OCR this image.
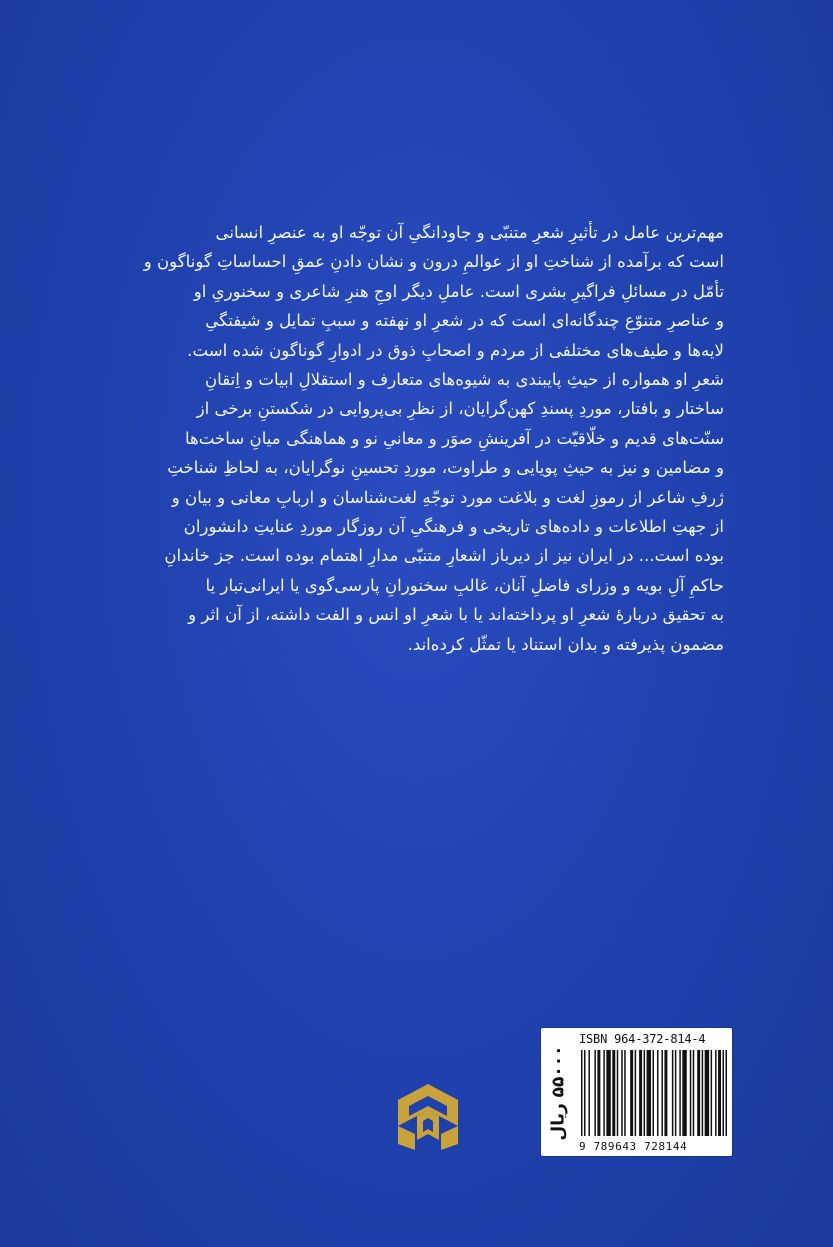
مهم‌ترین عامل در تأثیرِ شعرِ متنبّی و جاودانگیِ آن توجّه او به عنصرِ انسانی

است که برآمده از شناختِ او از عوالمِ درون و نشان دادنِ عمقِ احساساتِ گوناگون و

تأمّل در مسائلِ فراگیرِ بشری است. عاملِ دیگر اوجِ هنرِ شاعری و سخنوریِ او

و عناصرِ متنوّعِ چندگانه‌ای است که در شعرِ او نهفته و سببِ تمایل و شیفتگیِ

لایه‌ها و طیف‌های مختلفی از مردم و اصحابِ ذوق در ادوارِ گوناگون شده است.

شعرِ او همواره از حیثِ پایبندی به شیوه‌های متعارف و استقلالِ ابیات و اِتقانِ

ساختار و بافتار، موردِ پسندِ کهن‌گرایان، از نظرِ بی‌پروایی در شکستنِ برخی از

سنّت‌های قدیم و خلّاقیّت در آفرینشِ صوَر و معانیِ نو و هماهنگی میانِ ساخت‌ها

و مضامین و نیز به حیثِ پویایی و طراوت، موردِ تحسینِ نوگرایان، به لحاظِ شناختِ

ژرفِ شاعر از رموزِ لغت و بلاغت مورد توجّهِ لغت‌شناسان و اربابِ معانی و بیان و

از جهتِ اطلاعات و داده‌های تاریخی و فرهنگیِ آن روزگار موردِ عنایتِ دانشوران

بوده است... در ایران نیز از دیرباز اشعارِ متنبّی مدارِ اهتمام بوده است. جز خاندانِ

حاکمِ آلِ بویه و وزرای فاضلِ آنان، غالبِ سخنورانِ پارسی‌گوی یا ایرانی‌تبار یا

به تحقیق دربارهٔ شعرِ او پرداخته‌اند یا با شعرِ او انس و الفت داشته، از آن اثر و

مضمون پذیرفته و بدان استناد یا تمثّل کرده‌اند.

۵۵۰۰۰ ریال
ISBN 964-372-814-4
9 789643 728144
